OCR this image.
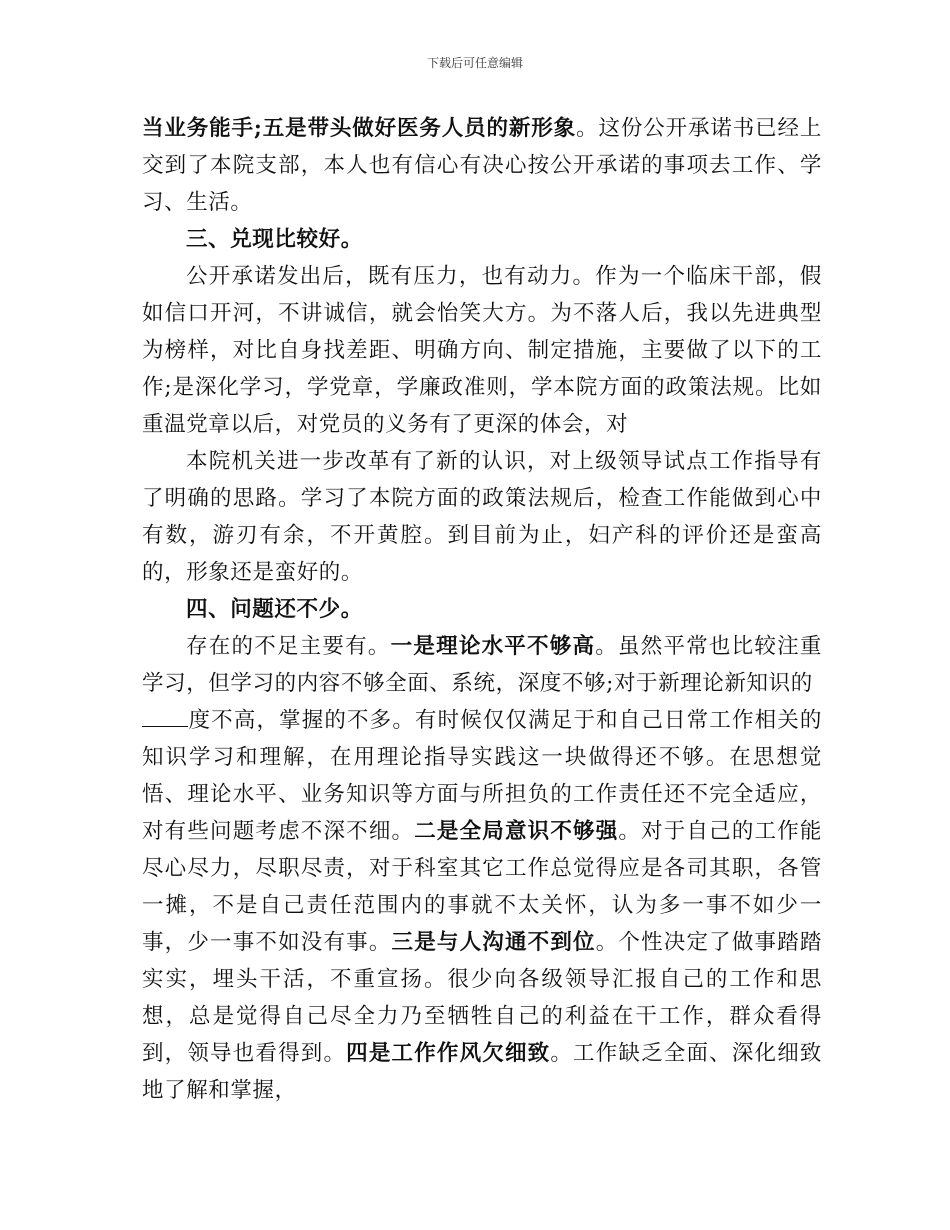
下载后可任意编辑

当业务能手;五是带头做好医务人员的新形象。这份公开承诺书已经上交到了本院支部，本人也有信心有决心按公开承诺的事项去工作、学习、生活。

三、兑现比较好。

公开承诺发出后，既有压力，也有动力。作为一个临床干部，假如信口开河，不讲诚信，就会怡笑大方。为不落人后，我以先进典型为榜样，对比自身找差距、明确方向、制定措施，主要做了以下的工作;是深化学习，学党章，学廉政准则，学本院方面的政策法规。比如重温党章以后，对党员的义务有了更深的体会，对

本院机关进一步改革有了新的认识，对上级领导试点工作指导有了明确的思路。学习了本院方面的政策法规后，检查工作能做到心中有数，游刃有余，不开黄腔。到目前为止，妇产科的评价还是蛮高的，形象还是蛮好的。

四、问题还不少。

存在的不足主要有。一是理论水平不够高。虽然平常也比较注重学习，但学习的内容不够全面、系统，深度不够;对于新理论新知识的
度不高，掌握的不多。有时候仅仅满足于和自己日常工作相关的知识学习和理解，在用理论指导实践这一块做得还不够。在思想觉悟、理论水平、业务知识等方面与所担负的工作责任还不完全适应，对有些问题考虑不深不细。二是全局意识不够强。对于自己的工作能尽心尽力，尽职尽责，对于科室其它工作总觉得应是各司其职，各管一摊，不是自己责任范围内的事就不太关怀，认为多一事不如少一事，少一事不如没有事。三是与人沟通不到位。个性决定了做事踏踏实实，埋头干活，不重宣扬。很少向各级领导汇报自己的工作和思想，总是觉得自己尽全力乃至牺牲自己的利益在干工作，群众看得到，领导也看得到。四是工作作风欠细致。工作缺乏全面、深化细致地了解和掌握，
